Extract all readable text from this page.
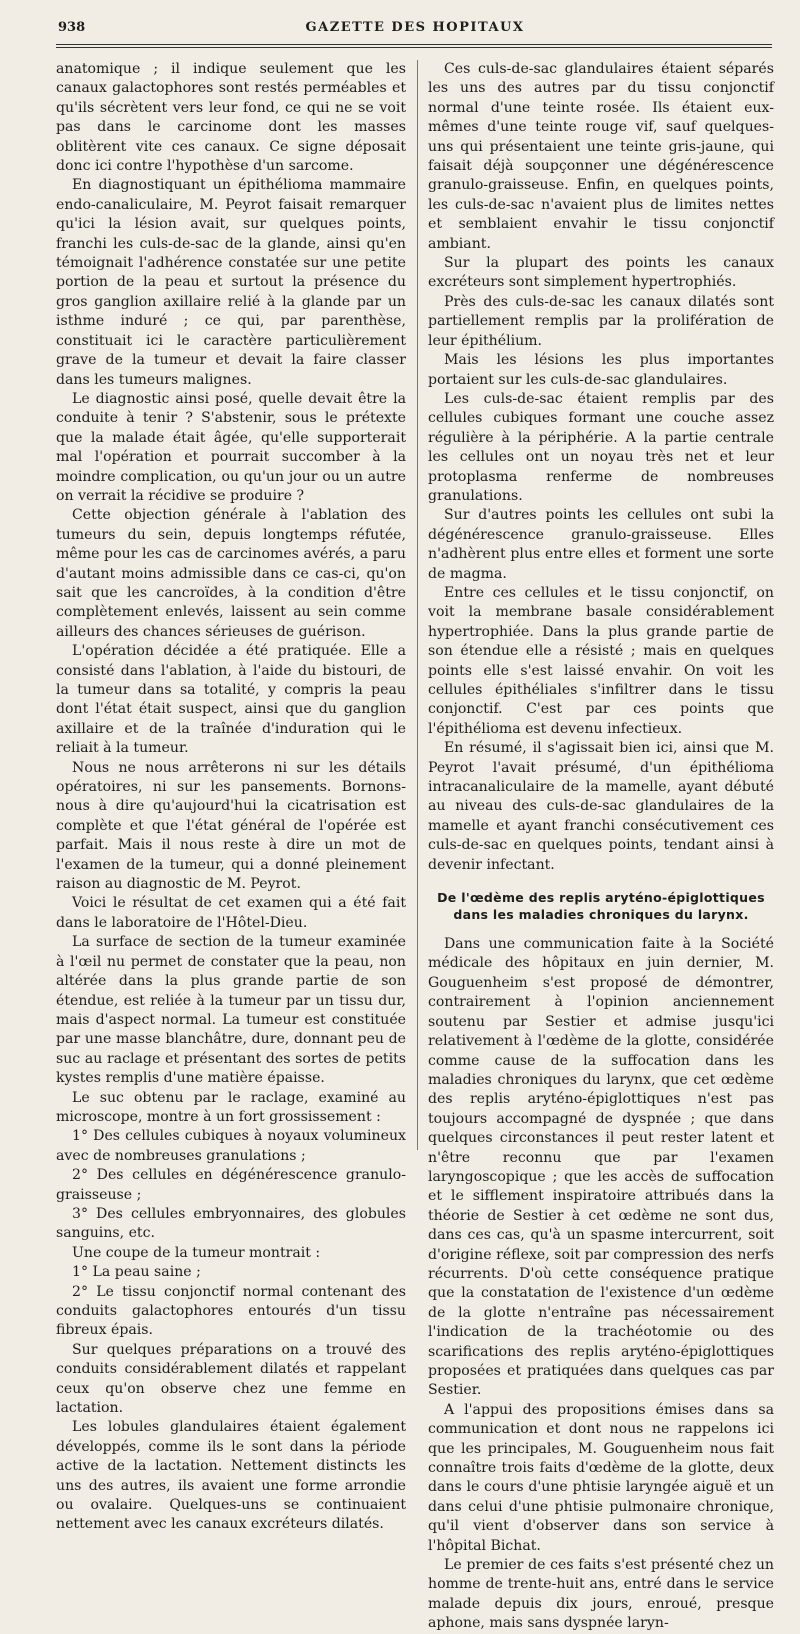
938	GAZETTE DES HOPITAUX

anatomique ; il indique seulement que les canaux galactophores sont restés perméables et qu'ils sécrètent vers leur fond, ce qui ne se voit pas dans le carcinome dont les masses oblitèrent vite ces canaux. Ce signe déposait donc ici contre l'hypothèse d'un sarcome.

En diagnostiquant un épithélioma mammaire endo-canaliculaire, M. Peyrot faisait remarquer qu'ici la lésion avait, sur quelques points, franchi les culs-de-sac de la glande, ainsi qu'en témoignait l'adhérence constatée sur une petite portion de la peau et surtout la présence du gros ganglion axillaire relié à la glande par un isthme induré ; ce qui, par parenthèse, constituait ici le caractère particulièrement grave de la tumeur et devait la faire classer dans les tumeurs malignes.

Le diagnostic ainsi posé, quelle devait être la conduite à tenir ? S'abstenir, sous le prétexte que la malade était âgée, qu'elle supporterait mal l'opération et pourrait succomber à la moindre complication, ou qu'un jour ou un autre on verrait la récidive se produire ?

Cette objection générale à l'ablation des tumeurs du sein, depuis longtemps réfutée, même pour les cas de carcinomes avérés, a paru d'autant moins admissible dans ce cas-ci, qu'on sait que les cancroïdes, à la condition d'être complètement enlevés, laissent au sein comme ailleurs des chances sérieuses de guérison.

L'opération décidée a été pratiquée. Elle a consisté dans l'ablation, à l'aide du bistouri, de la tumeur dans sa totalité, y compris la peau dont l'état était suspect, ainsi que du ganglion axillaire et de la traînée d'induration qui le reliait à la tumeur.

Nous ne nous arrêterons ni sur les détails opératoires, ni sur les pansements. Bornons-nous à dire qu'aujourd'hui la cicatrisation est complète et que l'état général de l'opérée est parfait. Mais il nous reste à dire un mot de l'examen de la tumeur, qui a donné pleinement raison au diagnostic de M. Peyrot.

Voici le résultat de cet examen qui a été fait dans le laboratoire de l'Hôtel-Dieu.

La surface de section de la tumeur examinée à l'œil nu permet de constater que la peau, non altérée dans la plus grande partie de son étendue, est reliée à la tumeur par un tissu dur, mais d'aspect normal. La tumeur est constituée par une masse blanchâtre, dure, donnant peu de suc au raclage et présentant des sortes de petits kystes remplis d'une matière épaisse.

Le suc obtenu par le raclage, examiné au microscope, montre à un fort grossissement :

1° Des cellules cubiques à noyaux volumineux avec de nombreuses granulations ;

2° Des cellules en dégénérescence granulo-graisseuse ;

3° Des cellules embryonnaires, des globules sanguins, etc.

Une coupe de la tumeur montrait :

1° La peau saine ;

2° Le tissu conjonctif normal contenant des conduits galactophores entourés d'un tissu fibreux épais.

Sur quelques préparations on a trouvé des conduits considérablement dilatés et rappelant ceux qu'on observe chez une femme en lactation.

Les lobules glandulaires étaient également développés, comme ils le sont dans la période active de la lactation. Nettement distincts les uns des autres, ils avaient une forme arrondie ou ovalaire. Quelques-uns se continuaient nettement avec les canaux excréteurs dilatés.

Ces culs-de-sac glandulaires étaient séparés les uns des autres par du tissu conjonctif normal d'une teinte rosée. Ils étaient eux-mêmes d'une teinte rouge vif, sauf quelques-uns qui présentaient une teinte gris-jaune, qui faisait déjà soupçonner une dégénérescence granulo-graisseuse. Enfin, en quelques points, les culs-de-sac n'avaient plus de limites nettes et semblaient envahir le tissu conjonctif ambiant.

Sur la plupart des points les canaux excréteurs sont simplement hypertrophiés.

Près des culs-de-sac les canaux dilatés sont partiellement remplis par la prolifération de leur épithélium.

Mais les lésions les plus importantes portaient sur les culs-de-sac glandulaires.

Les culs-de-sac étaient remplis par des cellules cubiques formant une couche assez régulière à la périphérie. A la partie centrale les cellules ont un noyau très net et leur protoplasma renferme de nombreuses granulations.

Sur d'autres points les cellules ont subi la dégénérescence granulo-graisseuse. Elles n'adhèrent plus entre elles et forment une sorte de magma.

Entre ces cellules et le tissu conjonctif, on voit la membrane basale considérablement hypertrophiée. Dans la plus grande partie de son étendue elle a résisté ; mais en quelques points elle s'est laissé envahir. On voit les cellules épithéliales s'infiltrer dans le tissu conjonctif. C'est par ces points que l'épithélioma est devenu infectieux.

En résumé, il s'agissait bien ici, ainsi que M. Peyrot l'avait présumé, d'un épithélioma intracanaliculaire de la mamelle, ayant débuté au niveau des culs-de-sac glandulaires de la mamelle et ayant franchi consécutivement ces culs-de-sac en quelques points, tendant ainsi à devenir infectant.

De l'œdème des replis aryténo-épiglottiques dans les maladies chroniques du larynx.

Dans une communication faite à la Société médicale des hôpitaux en juin dernier, M. Gouguenheim s'est proposé de démontrer, contrairement à l'opinion anciennement soutenu par Sestier et admise jusqu'ici relativement à l'œdème de la glotte, considérée comme cause de la suffocation dans les maladies chroniques du larynx, que cet œdème des replis aryténo-épiglottiques n'est pas toujours accompagné de dyspnée ; que dans quelques circonstances il peut rester latent et n'être reconnu que par l'examen laryngoscopique ; que les accès de suffocation et le sifflement inspiratoire attribués dans la théorie de Sestier à cet œdème ne sont dus, dans ces cas, qu'à un spasme intercurrent, soit d'origine réflexe, soit par compression des nerfs récurrents. D'où cette conséquence pratique que la constatation de l'existence d'un œdème de la glotte n'entraîne pas nécessairement l'indication de la trachéotomie ou des scarifications des replis aryténo-épiglottiques proposées et pratiquées dans quelques cas par Sestier.

A l'appui des propositions émises dans sa communication et dont nous ne rappelons ici que les principales, M. Gouguenheim nous fait connaître trois faits d'œdème de la glotte, deux dans le cours d'une phtisie laryngée aiguë et un dans celui d'une phtisie pulmonaire chronique, qu'il vient d'observer dans son service à l'hôpital Bichat.

Le premier de ces faits s'est présenté chez un homme de trente-huit ans, entré dans le service malade depuis dix jours, enroué, presque aphone, mais sans dyspnée laryn-
